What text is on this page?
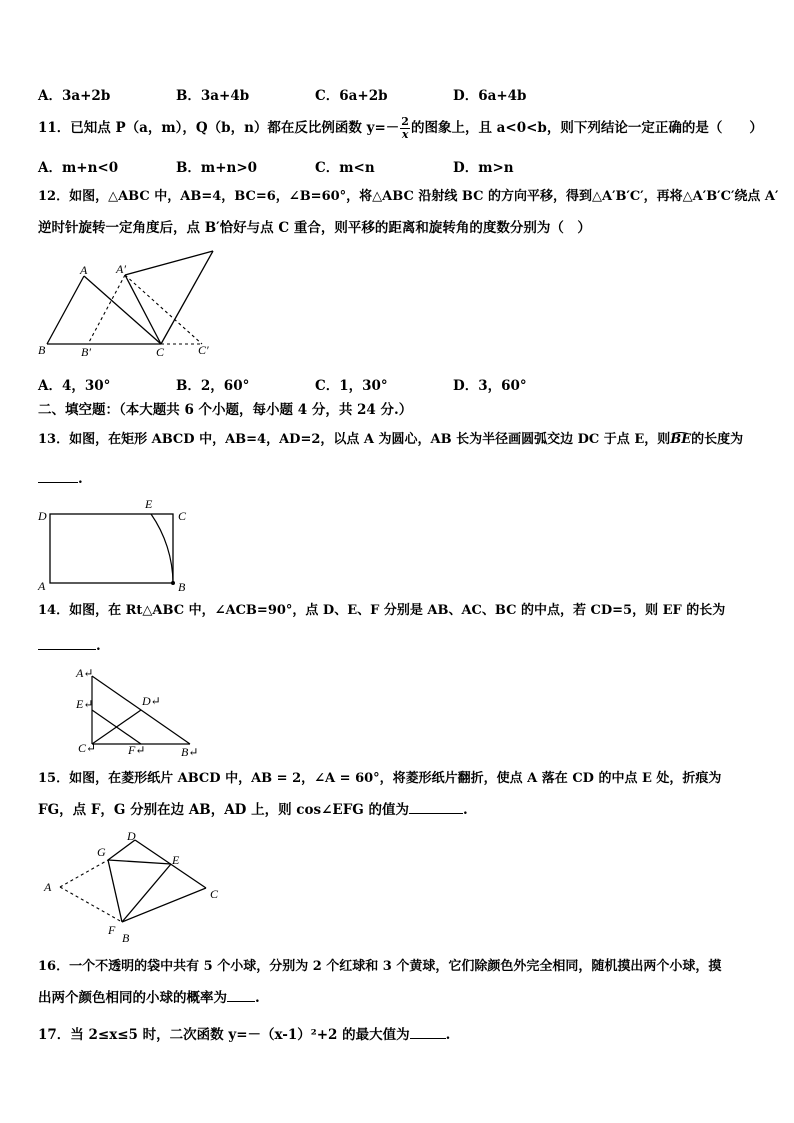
A．3a+2b	B．3a+4b	C．6a+2b	D．6a+4b
11．已知点 P（a，m），Q（b，n）都在反比例函数 $y=- \frac{2}{x}$ 的图象上，且 a<0<b，则下列结论一定正确的是（　　）
A．m+n<0	B．m+n>0	C．m<n	D．m>n
12．如图，△ABC 中，AB=4，BC=6，∠B=60°，将△ABC 沿射线 BC 的方向平移，得到△A′B′C′，再将△A′B′C′绕点 A′
逆时针旋转一定角度后，点 B′恰好与点 C 重合，则平移的距离和旋转角的度数分别为（　）
A A′
B	B′	C	C′
A．4，30°	B．2，60°	C．1，30°	D．3，60°
二、填空题：（本大题共 6 个小题，每小题 4 分，共 24 分.）
13．如图，在矩形 ABCD 中，AB=4，AD=2，以点 A 为圆心，AB 长为半径画圆弧交边 DC 于点 E，则
BE的长度为
.
D
E
C
A	B
14．如图，在 Rt△ABC 中，∠ACB=90°，点 D、E、F 分别是 AB、AC、BC 的中点，若 CD=5，则 EF 的长为
.
A↵
D↵
E↵
C↵	F↵	B↵
15．如图，在菱形纸片 ABCD 中，AB = 2，∠A = 60°，将菱形纸片翻折，使点 A 落在 CD 的中点 E 处，折痕为
FG，点 F，G 分别在边 AB，AD 上，则 cos∠EFG 的值为	.
G
D
E
C
A
F
B
16．一个不透明的袋中共有 5 个小球，分别为 2 个红球和 3 个黄球，它们除颜色外完全相同，随机摸出两个小球，摸
出两个颜色相同的小球的概率为 .
17．当 2≤x≤5 时，二次函数 y=－（x-1）²+2 的最大值为	.
